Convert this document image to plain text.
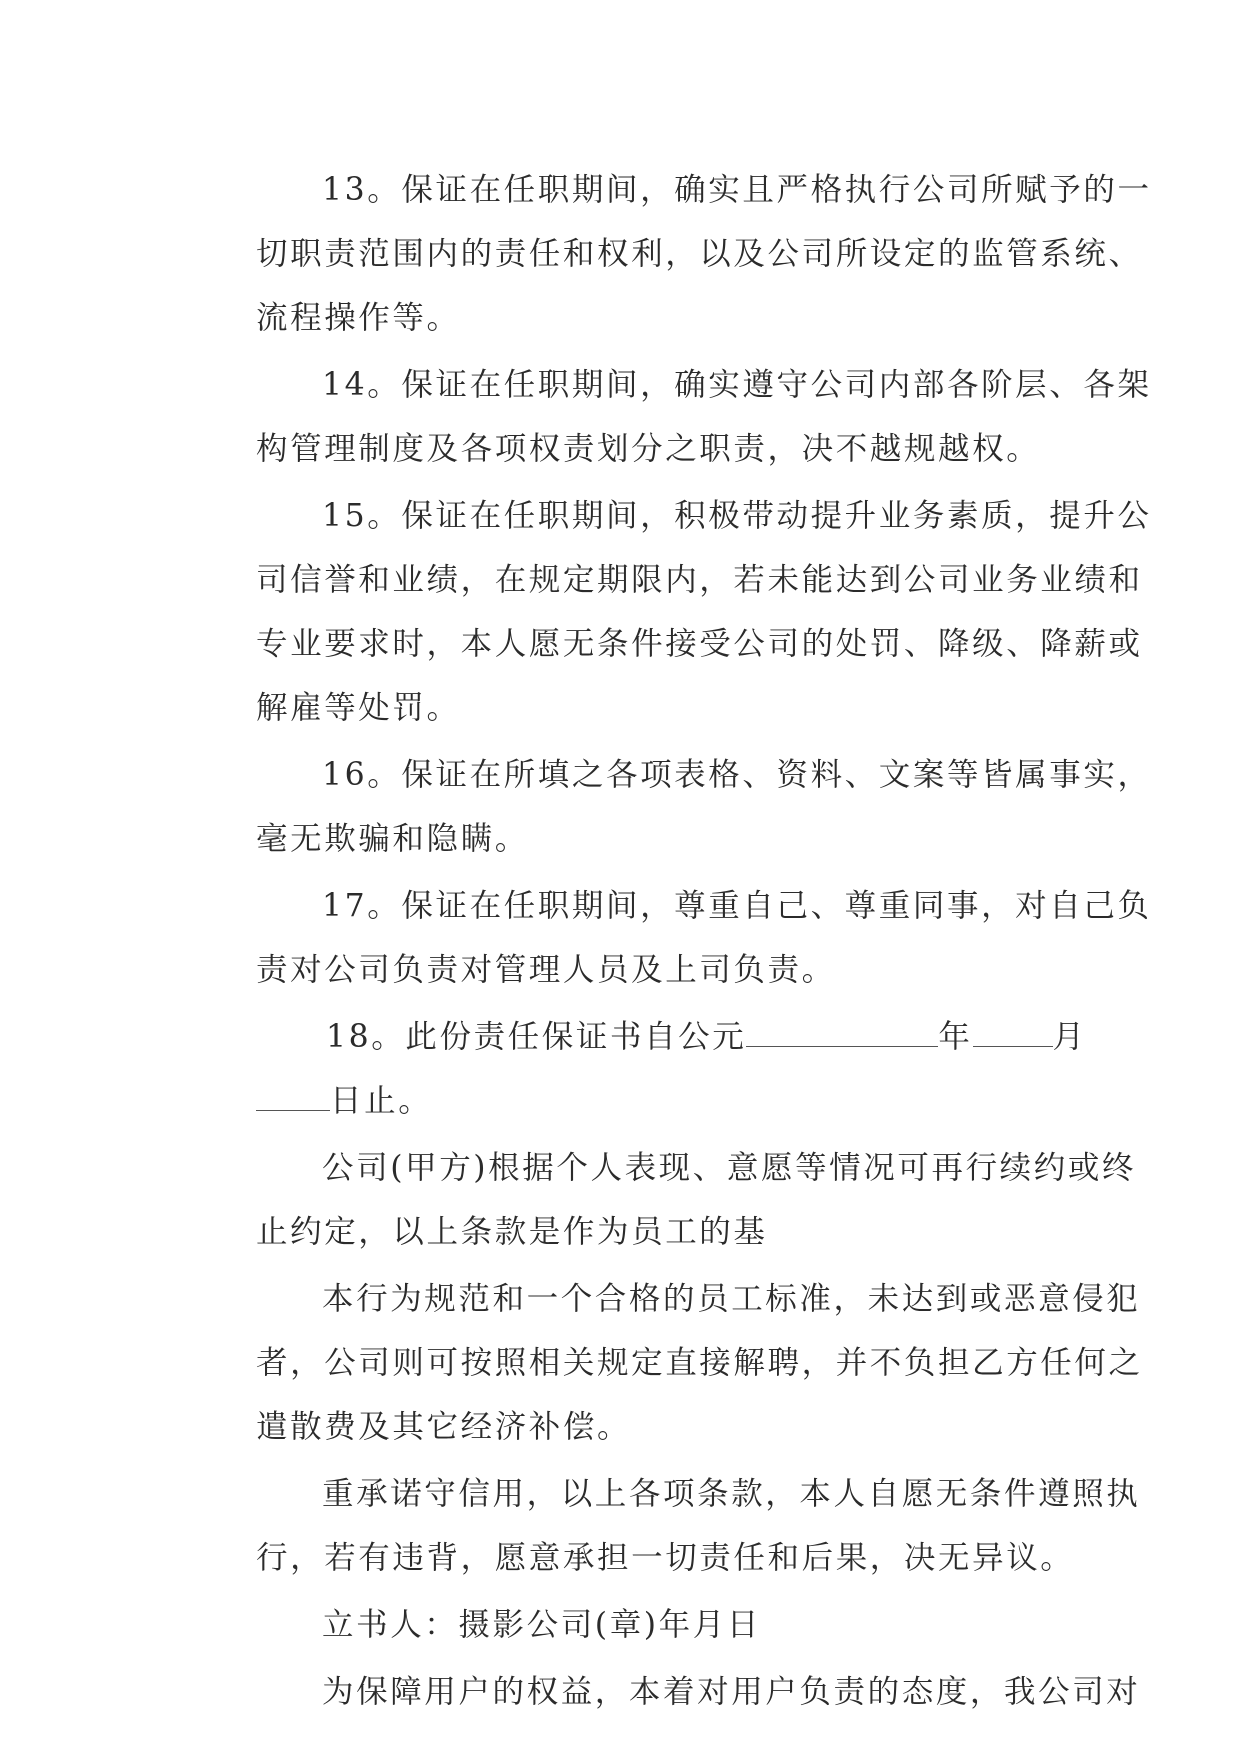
13。保证在任职期间，确实且严格执行公司所赋予的一
切职责范围内的责任和权利，以及公司所设定的监管系统、
流程操作等。

14。保证在任职期间，确实遵守公司内部各阶层、各架
构管理制度及各项权责划分之职责，决不越规越权。

15。保证在任职期间，积极带动提升业务素质，提升公
司信誉和业绩，在规定期限内，若未能达到公司业务业绩和
专业要求时，本人愿无条件接受公司的处罚、降级、降薪或
解雇等处罚。

16。保证在所填之各项表格、资料、文案等皆属事实，
毫无欺骗和隐瞒。

17。保证在任职期间，尊重自己、尊重同事，对自己负
责对公司负责对管理人员及上司负责。

18。此份责任保证书自公元	年	月
日止。

公司(甲方)根据个人表现、意愿等情况可再行续约或终
止约定，以上条款是作为员工的基

本行为规范和一个合格的员工标准，未达到或恶意侵犯
者，公司则可按照相关规定直接解聘，并不负担乙方任何之
遣散费及其它经济补偿。

重承诺守信用，以上各项条款，本人自愿无条件遵照执
行，若有违背，愿意承担一切责任和后果，决无异议。

立书人：摄影公司(章)年月日

为保障用户的权益，本着对用户负责的态度，我公司对
